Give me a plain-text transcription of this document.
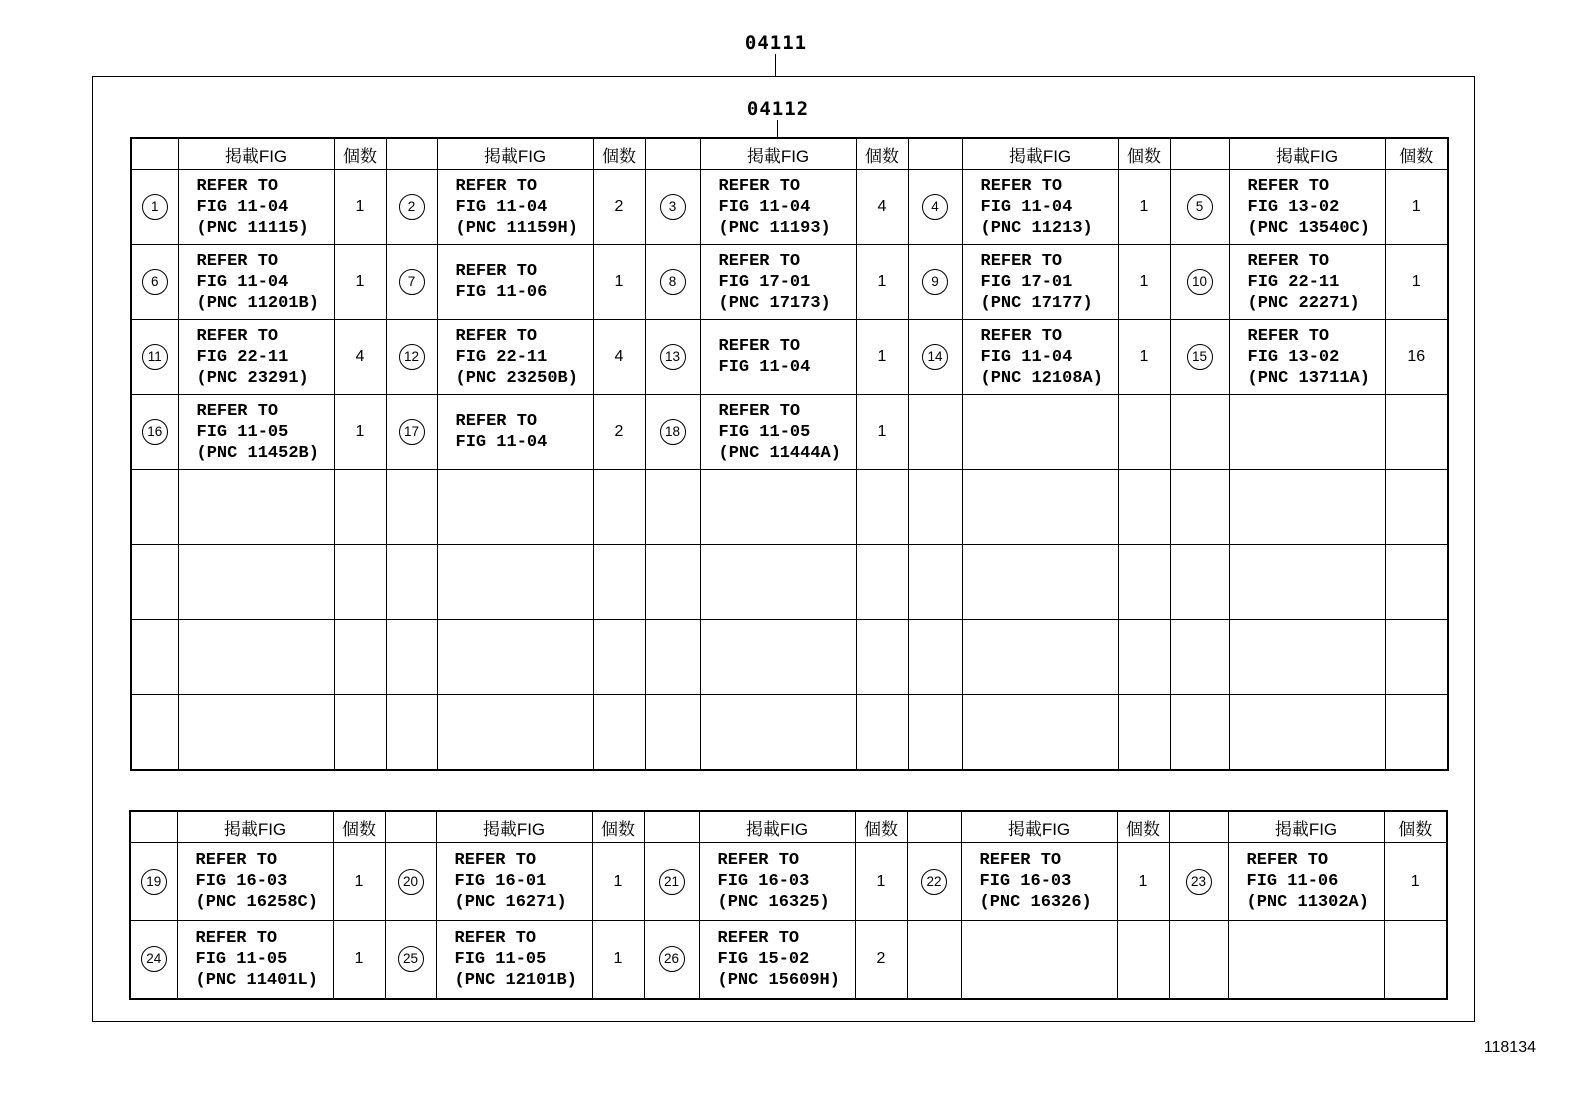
04111
04112
	掲載FIG	個数		掲載FIG	個数		掲載FIG	個数		掲載FIG	個数		掲載FIG	個数
1	REFER TO
FIG 11-04
(PNC 11115)	1	2	REFER TO
FIG 11-04
(PNC 11159H)	2	3	REFER TO
FIG 11-04
(PNC 11193)	4	4	REFER TO
FIG 11-04
(PNC 11213)	1	5	REFER TO
FIG 13-02
(PNC 13540C)	1
6	REFER TO
FIG 11-04
(PNC 11201B)	1	7	REFER TO
FIG 11-06	1	8	REFER TO
FIG 17-01
(PNC 17173)	1	9	REFER TO
FIG 17-01
(PNC 17177)	1	10	REFER TO
FIG 22-11
(PNC 22271)	1
11	REFER TO
FIG 22-11
(PNC 23291)	4	12	REFER TO
FIG 22-11
(PNC 23250B)	4	13	REFER TO
FIG 11-04	1	14	REFER TO
FIG 11-04
(PNC 12108A)	1	15	REFER TO
FIG 13-02
(PNC 13711A)	16
16	REFER TO
FIG 11-05
(PNC 11452B)	1	17	REFER TO
FIG 11-04	2	18	REFER TO
FIG 11-05
(PNC 11444A)	1						

	掲載FIG	個数		掲載FIG	個数		掲載FIG	個数		掲載FIG	個数		掲載FIG	個数
19	REFER TO
FIG 16-03
(PNC 16258C)	1	20	REFER TO
FIG 16-01
(PNC 16271)	1	21	REFER TO
FIG 16-03
(PNC 16325)	1	22	REFER TO
FIG 16-03
(PNC 16326)	1	23	REFER TO
FIG 11-06
(PNC 11302A)	1
24	REFER TO
FIG 11-05
(PNC 11401L)	1	25	REFER TO
FIG 11-05
(PNC 12101B)	1	26	REFER TO
FIG 15-02
(PNC 15609H)	2						
118134
